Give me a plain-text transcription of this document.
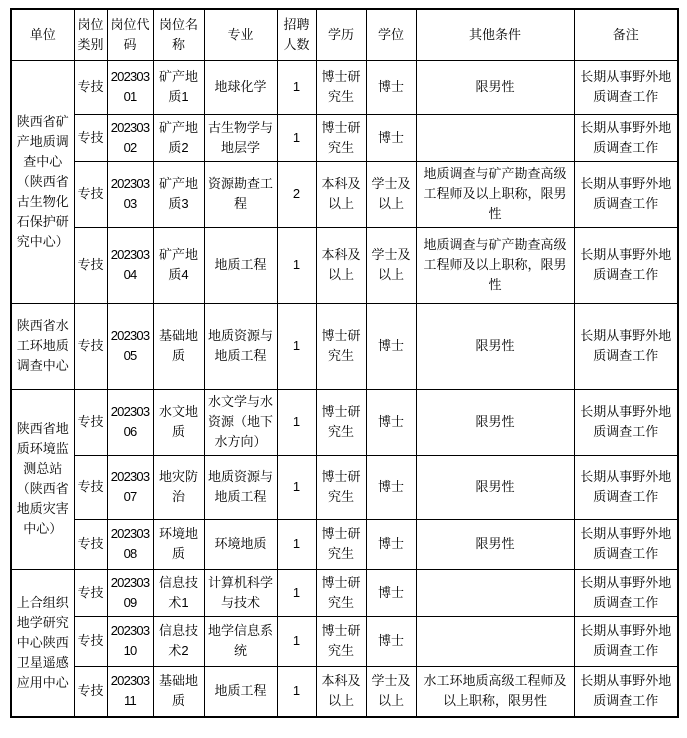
单位	岗位类别	岗位代码	岗位名称	专业	招聘人数	学历	学位	其他条件	备注
陕西省矿产地质调查中心（陕西省古生物化石保护研究中心）	专技	20230301	矿产地质1	地球化学	1	博士研究生	博士	限男性	长期从事野外地质调查工作
	专技	20230302	矿产地质2	古生物学与地层学	1	博士研究生	博士		长期从事野外地质调查工作
	专技	20230303	矿产地质3	资源勘查工程	2	本科及以上	学士及以上	地质调查与矿产勘查高级工程师及以上职称，限男性	长期从事野外地质调查工作
	专技	20230304	矿产地质4	地质工程	1	本科及以上	学士及以上	地质调查与矿产勘查高级工程师及以上职称，限男性	长期从事野外地质调查工作
陕西省水工环地质调查中心	专技	20230305	基础地质	地质资源与地质工程	1	博士研究生	博士	限男性	长期从事野外地质调查工作
陕西省地质环境监测总站（陕西省地质灾害中心）	专技	20230306	水文地质	水文学与水资源（地下水方向）	1	博士研究生	博士	限男性	长期从事野外地质调查工作
	专技	20230307	地灾防治	地质资源与地质工程	1	博士研究生	博士	限男性	长期从事野外地质调查工作
	专技	20230308	环境地质	环境地质	1	博士研究生	博士	限男性	长期从事野外地质调查工作
上合组织地学研究中心陕西卫星遥感应用中心	专技	20230309	信息技术1	计算机科学与技术	1	博士研究生	博士		长期从事野外地质调查工作
	专技	20230310	信息技术2	地学信息系统	1	博士研究生	博士		长期从事野外地质调查工作
	专技	20230311	基础地质	地质工程	1	本科及以上	学士及以上	水工环地质高级工程师及以上职称，限男性	长期从事野外地质调查工作
